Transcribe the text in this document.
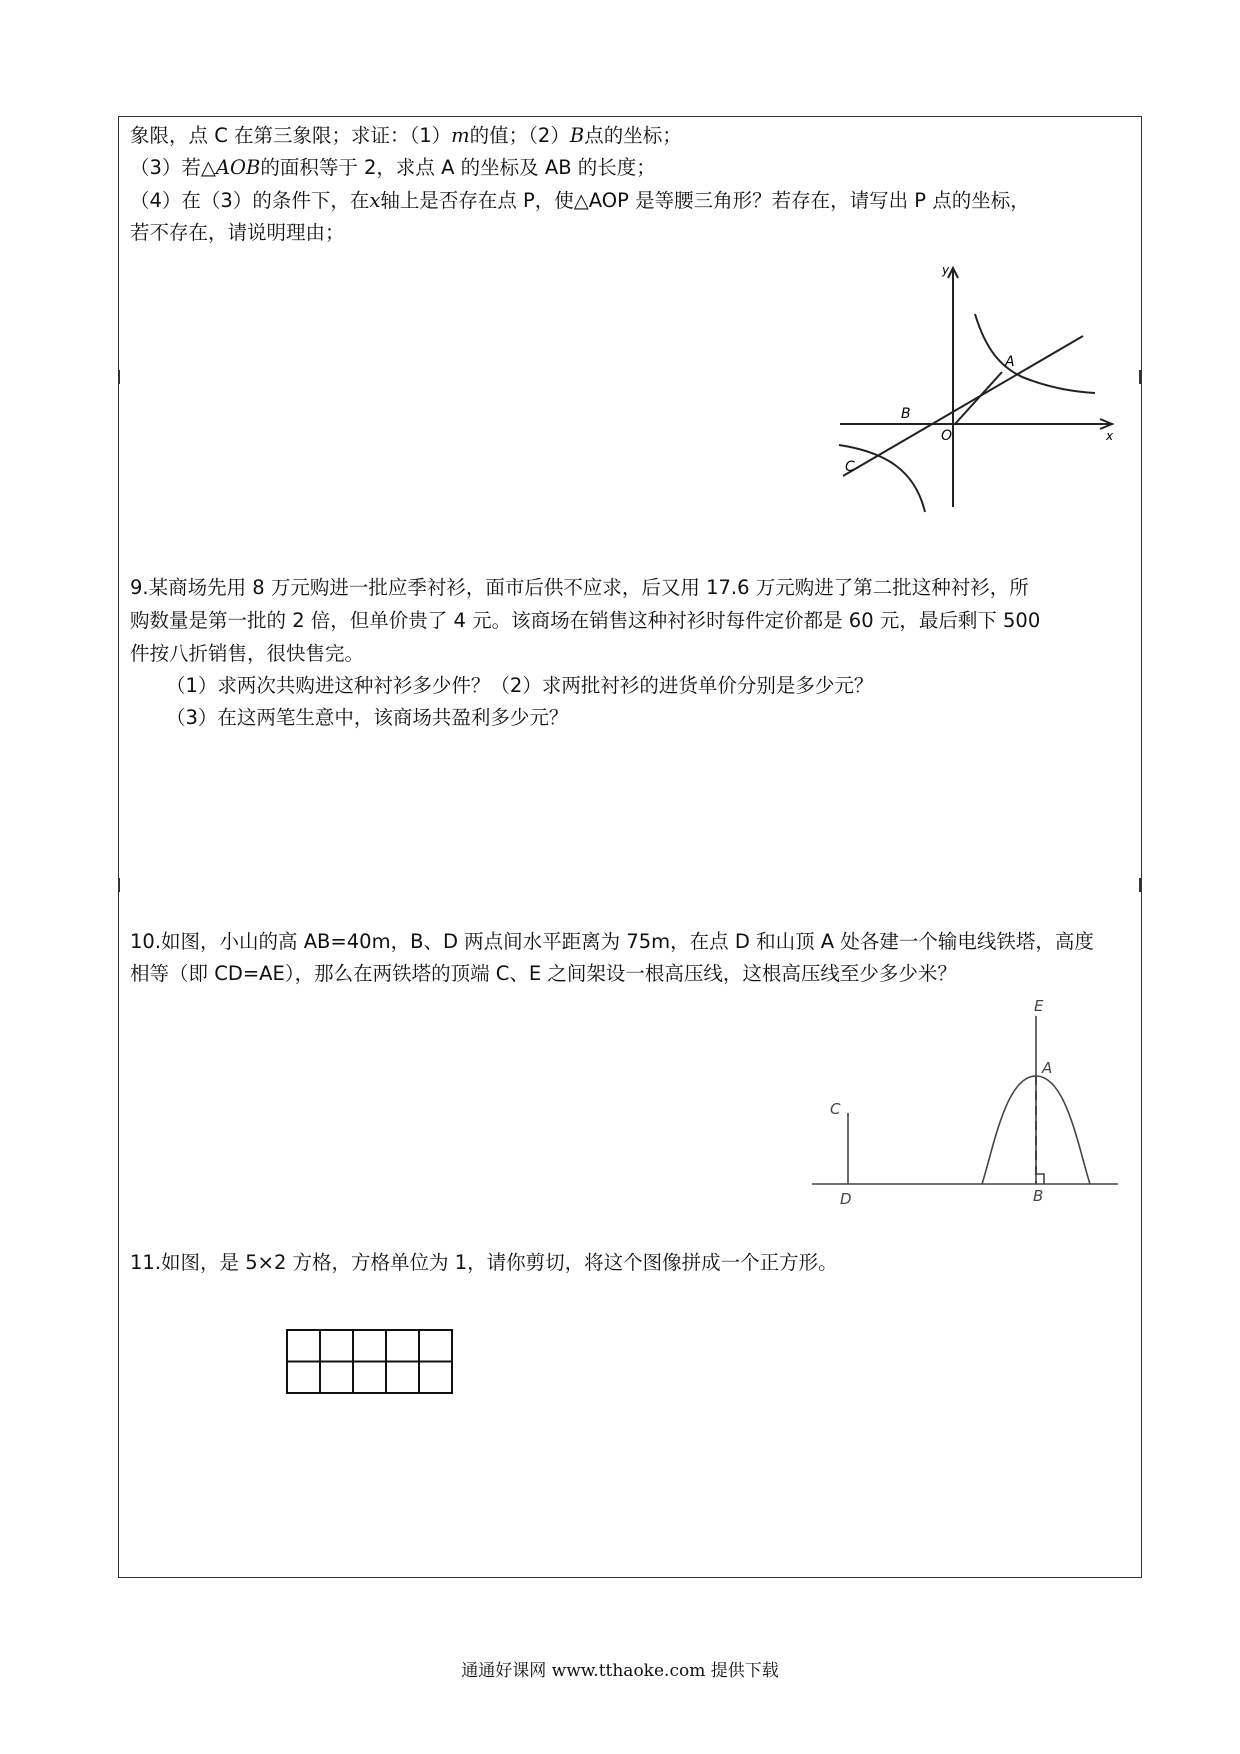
象限，点 C 在第三象限；求证：（1）m的值；（2）B点的坐标；
（3）若△AOB的面积等于 2，求点 A 的坐标及 AB 的长度；
（4）在（3）的条件下，在x轴上是否存在点 P，使△AOP 是等腰三角形？若存在，请写出 P 点的坐标，
若不存在，请说明理由；
y
x
A
B
O
C
9.某商场先用 8 万元购进一批应季衬衫，面市后供不应求，后又用 17.6 万元购进了第二批这种衬衫，所
购数量是第一批的 2 倍，但单价贵了 4 元。该商场在销售这种衬衫时每件定价都是 60 元，最后剩下 500
件按八折销售，很快售完。
（1）求两次共购进这种衬衫多少件？（2）求两批衬衫的进货单价分别是多少元？
（3）在这两笔生意中，该商场共盈利多少元？
10.如图，小山的高 AB=40m，B、D 两点间水平距离为 75m，在点 D 和山顶 A 处各建一个输电线铁塔，高度
相等（即 CD=AE），那么在两铁塔的顶端 C、E 之间架设一根高压线，这根高压线至少多少米？
E
A
C
D	B
11.如图，是 5×2 方格，方格单位为 1，请你剪切，将这个图像拼成一个正方形。
通通好课网 www.tthaoke.com 提供下载
